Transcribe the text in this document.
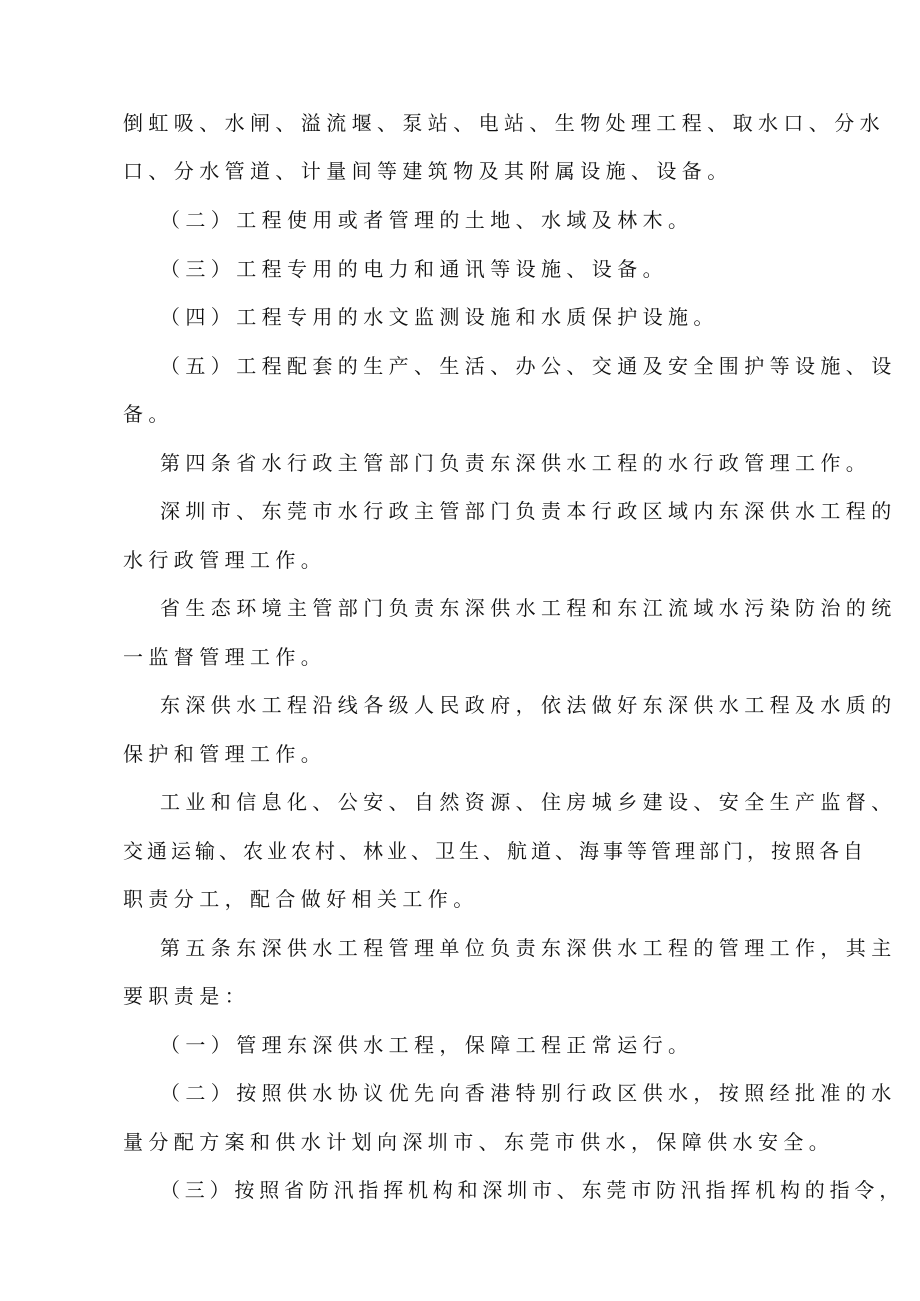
倒虹吸、水闸、溢流堰、泵站、电站、生物处理工程、取水口、分水
口、分水管道、计量间等建筑物及其附属设施、设备。
（二）工程使用或者管理的土地、水域及林木。
（三）工程专用的电力和通讯等设施、设备。
（四）工程专用的水文监测设施和水质保护设施。
（五）工程配套的生产、生活、办公、交通及安全围护等设施、设
备。
第四条省水行政主管部门负责东深供水工程的水行政管理工作。
深圳市、东莞市水行政主管部门负责本行政区域内东深供水工程的
水行政管理工作。
省生态环境主管部门负责东深供水工程和东江流域水污染防治的统
一监督管理工作。
东深供水工程沿线各级人民政府，依法做好东深供水工程及水质的
保护和管理工作。
工业和信息化、公安、自然资源、住房城乡建设、安全生产监督、
交通运输、农业农村、林业、卫生、航道、海事等管理部门，按照各自
职责分工，配合做好相关工作。
第五条东深供水工程管理单位负责东深供水工程的管理工作，其主
要职责是：
（一）管理东深供水工程，保障工程正常运行。
（二）按照供水协议优先向香港特别行政区供水，按照经批准的水
量分配方案和供水计划向深圳市、东莞市供水，保障供水安全。
（三）按照省防汛指挥机构和深圳市、东莞市防汛指挥机构的指令，
